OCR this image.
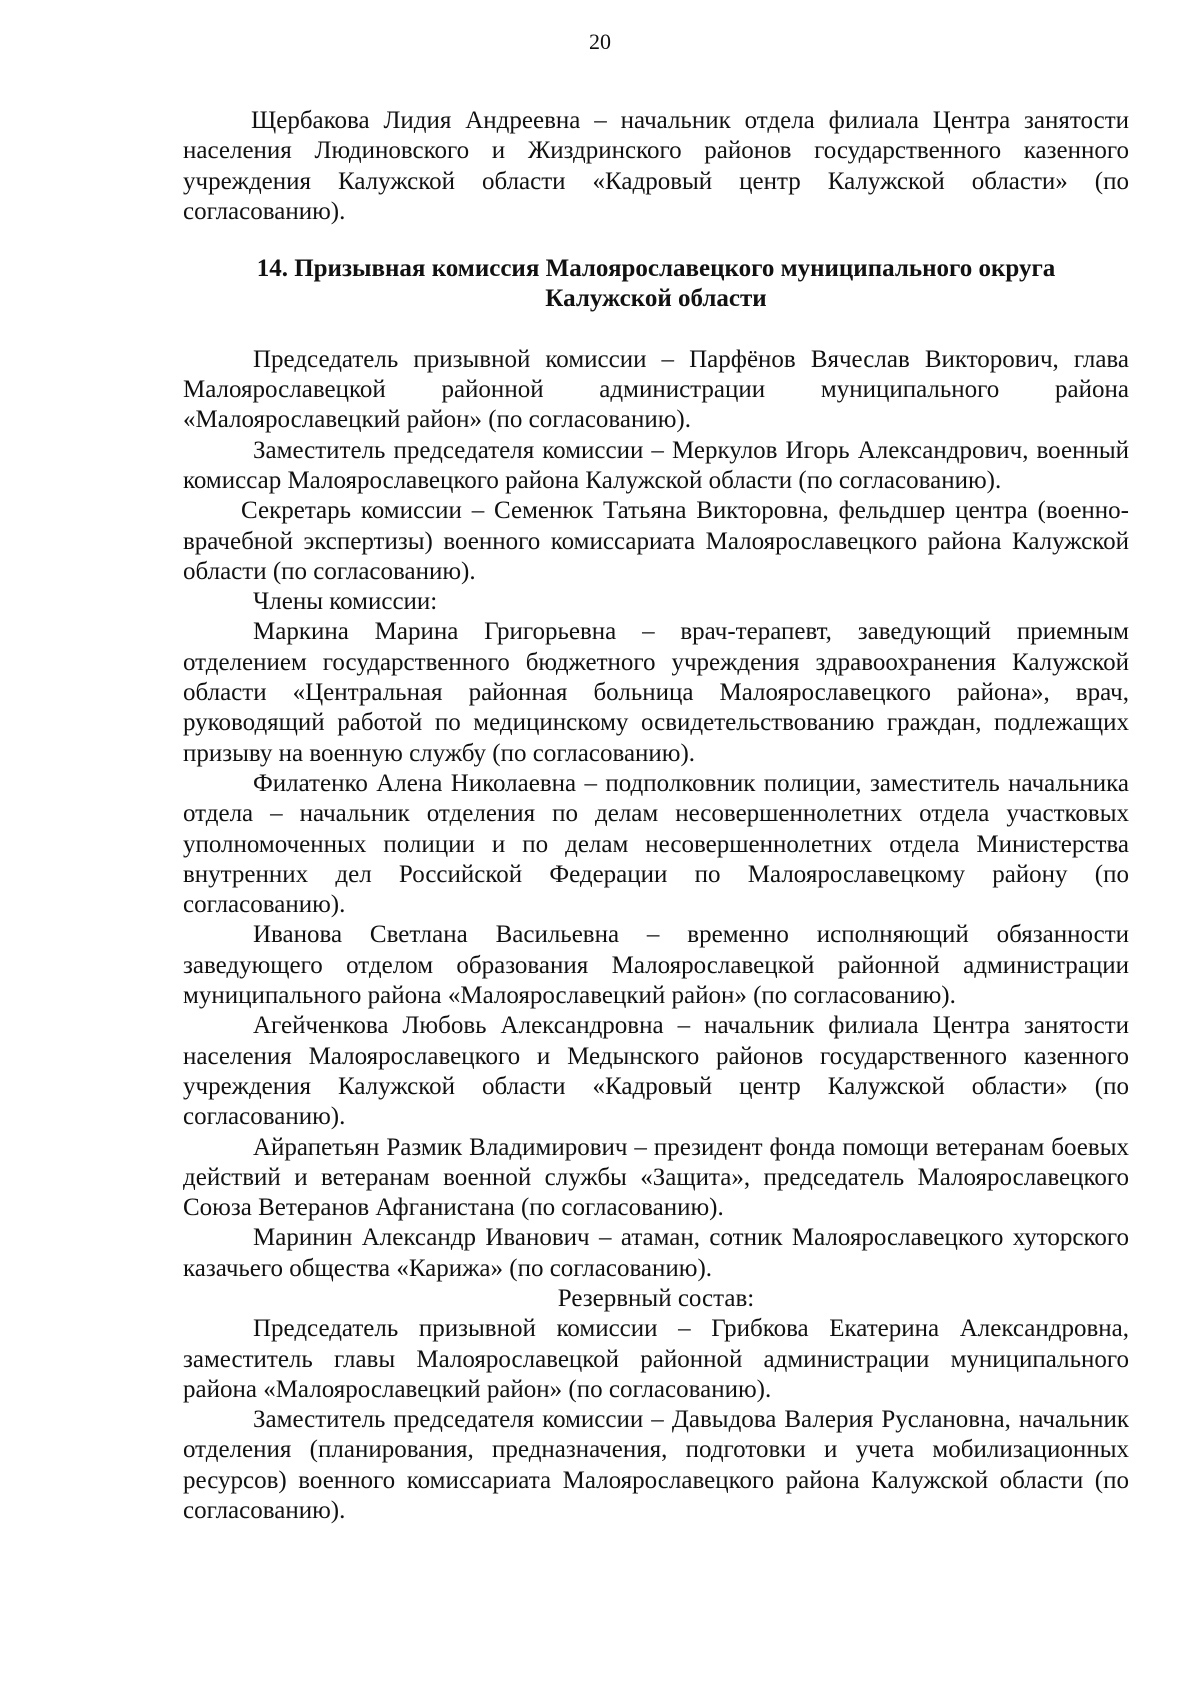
20

Щербакова Лидия Андреевна – начальник отдела филиала Центра занятости населения Людиновского и Жиздринского районов государственного казенного учреждения Калужской области «Кадровый центр Калужской области» (по согласованию).

14. Призывная комиссия Малоярославецкого муниципального округа
Калужской области

Председатель призывной комиссии – Парфёнов Вячеслав Викторович, глава Малоярославецкой районной администрации муниципального района «Малоярославецкий район» (по согласованию).

Заместитель председателя комиссии – Меркулов Игорь Александрович, военный комиссар Малоярославецкого района Калужской области (по согласованию).

Секретарь комиссии – Семенюк Татьяна Викторовна, фельдшер центра (военно-врачебной экспертизы) военного комиссариата Малоярославецкого района Калужской области (по согласованию).

Члены комиссии:

Маркина Марина Григорьевна – врач-терапевт, заведующий приемным отделением государственного бюджетного учреждения здравоохранения Калужской области «Центральная районная больница Малоярославецкого района», врач, руководящий работой по медицинскому освидетельствованию граждан, подлежащих призыву на военную службу (по согласованию).

Филатенко Алена Николаевна – подполковник полиции, заместитель начальника отдела – начальник отделения по делам несовершеннолетних отдела участковых уполномоченных полиции и по делам несовершеннолетних отдела Министерства внутренних дел Российской Федерации по Малоярославецкому району (по согласованию).

Иванова Светлана Васильевна – временно исполняющий обязанности заведующего отделом образования Малоярославецкой районной администрации муниципального района «Малоярославецкий район» (по согласованию).

Агейченкова Любовь Александровна – начальник филиала Центра занятости населения Малоярославецкого и Медынского районов государственного казенного учреждения Калужской области «Кадровый центр Калужской области» (по согласованию).

Айрапетьян Размик Владимирович – президент фонда помощи ветеранам боевых действий и ветеранам военной службы «Защита», председатель Малоярославецкого Союза Ветеранов Афганистана (по согласованию).

Маринин Александр Иванович – атаман, сотник Малоярославецкого хуторского казачьего общества «Карижа» (по согласованию).

Резервный состав:

Председатель призывной комиссии – Грибкова Екатерина Александровна, заместитель главы Малоярославецкой районной администрации муниципального района «Малоярославецкий район» (по согласованию).

Заместитель председателя комиссии – Давыдова Валерия Руслановна, начальник отделения (планирования, предназначения, подготовки и учета мобилизационных ресурсов) военного комиссариата Малоярославецкого района Калужской области (по согласованию).
